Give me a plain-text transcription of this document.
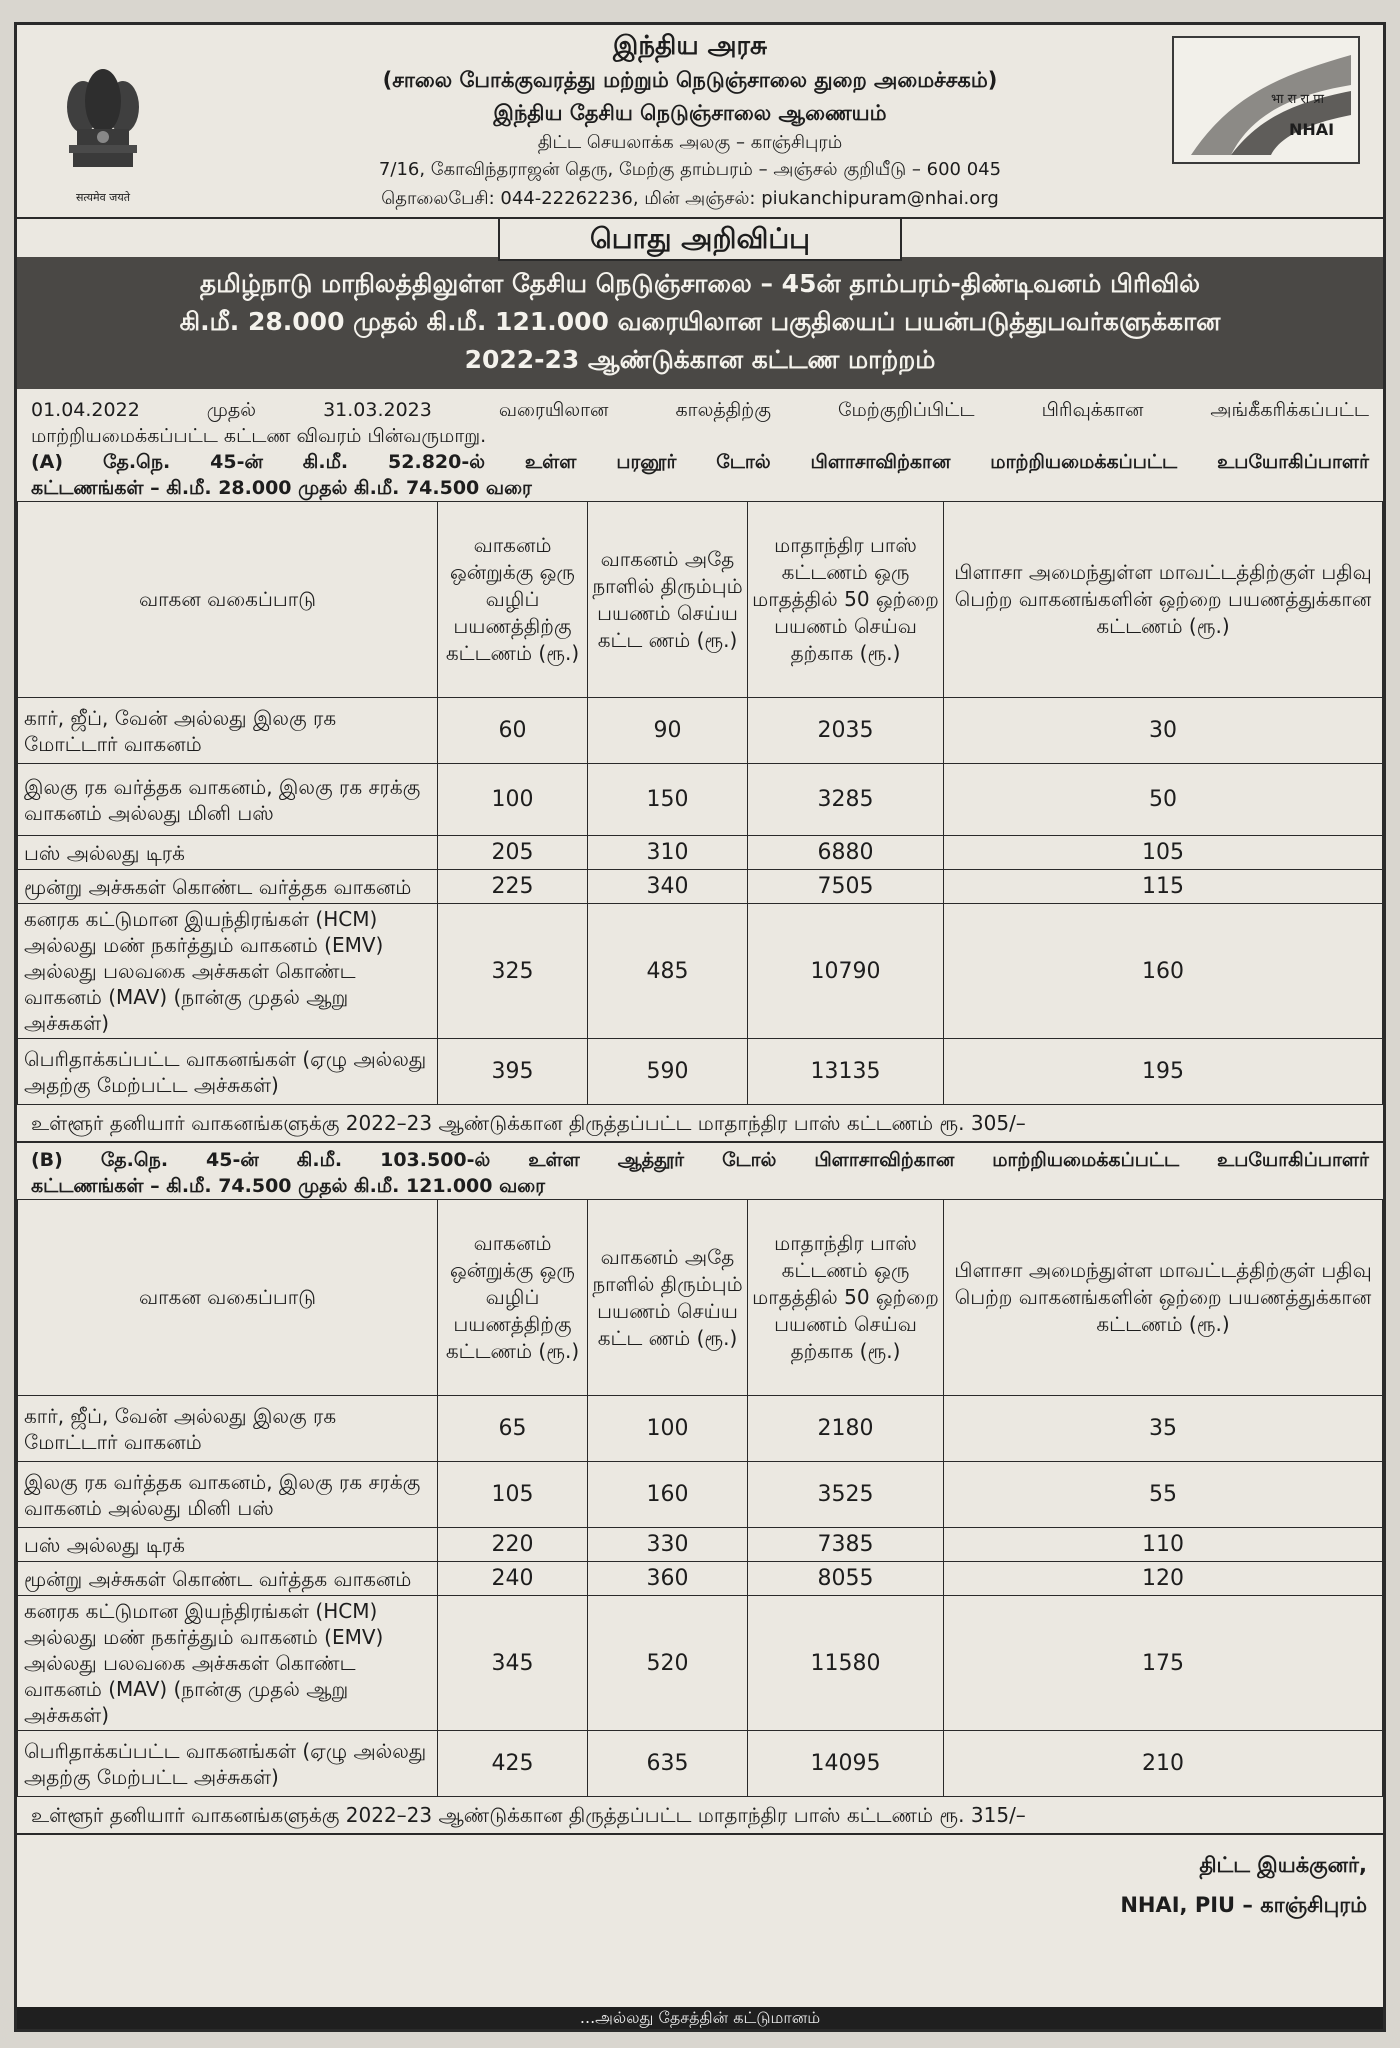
सत्यमेव जयते
இந்திய அரசு
(சாலை போக்குவரத்து மற்றும் நெடுஞ்சாலை துறை அமைச்சகம்)
இந்திய தேசிய நெடுஞ்சாலை ஆணையம்
திட்ட செயலாக்க அலகு – காஞ்சிபுரம்
7/16, கோவிந்தராஜன் தெரு, மேற்கு தாம்பரம் – அஞ்சல் குறியீடு – 600 045
தொலைபேசி: 044-22262236, மின் அஞ்சல்: piukanchipuram@nhai.org
भा रा रा प्रा
NHAI
பொது அறிவிப்பு
தமிழ்நாடு மாநிலத்திலுள்ள தேசிய நெடுஞ்சாலை – 45ன் தாம்பரம்-திண்டிவனம் பிரிவில்
கி.மீ. 28.000 முதல் கி.மீ. 121.000 வரையிலான பகுதியைப் பயன்படுத்துபவர்களுக்கான
2022-23 ஆண்டுக்கான கட்டண மாற்றம்
01.04.2022 முதல் 31.03.2023 வரையிலான காலத்திற்கு மேற்குறிப்பிட்ட பிரிவுக்கான அங்கீகரிக்கப்பட்ட
மாற்றியமைக்கப்பட்ட கட்டண விவரம் பின்வருமாறு.
(A) தே.நெ. 45-ன் கி.மீ. 52.820-ல் உள்ள பரனூர் டோல் பிளாசாவிற்கான மாற்றியமைக்கப்பட்ட உபயோகிப்பாளர்
கட்டணங்கள் – கி.மீ. 28.000 முதல் கி.மீ. 74.500 வரை
வாகன வகைப்பாடு	வாகனம் ஒன்றுக்கு ஒரு வழிப் பயணத்திற்கு கட்டணம் (ரூ.)	வாகனம் அதே நாளில் திரும்பும் பயணம் செய்ய கட்ட ணம் (ரூ.)	மாதாந்திர பாஸ் கட்டணம் ஒரு மாதத்தில் 50 ஒற்றை பயணம் செய்வ தற்காக (ரூ.)	பிளாசா அமைந்துள்ள மாவட்டத்திற்குள் பதிவு பெற்ற வாகனங்களின் ஒற்றை பயணத்துக்கான கட்டணம் (ரூ.)
கார், ஜீப், வேன் அல்லது இலகு ரக மோட்டார் வாகனம்	60	90	2035	30
இலகு ரக வர்த்தக வாகனம், இலகு ரக சரக்கு வாகனம் அல்லது மினி பஸ்	100	150	3285	50
பஸ் அல்லது டிரக்	205	310	6880	105
மூன்று அச்சுகள் கொண்ட வர்த்தக வாகனம்	225	340	7505	115
கனரக கட்டுமான இயந்திரங்கள் (HCM) அல்லது மண் நகர்த்தும் வாகனம் (EMV) அல்லது பலவகை அச்சுகள் கொண்ட வாகனம் (MAV) (நான்கு முதல் ஆறு அச்சுகள்)	325	485	10790	160
பெரிதாக்கப்பட்ட வாகனங்கள் (ஏழு அல்லது அதற்கு மேற்பட்ட அச்சுகள்)	395	590	13135	195
உள்ளூர் தனியார் வாகனங்களுக்கு 2022–23 ஆண்டுக்கான திருத்தப்பட்ட மாதாந்திர பாஸ் கட்டணம் ரூ. 305/–
(B) தே.நெ. 45-ன் கி.மீ. 103.500-ல் உள்ள ஆத்தூர் டோல் பிளாசாவிற்கான மாற்றியமைக்கப்பட்ட உபயோகிப்பாளர்
கட்டணங்கள் – கி.மீ. 74.500 முதல் கி.மீ. 121.000 வரை
வாகன வகைப்பாடு	வாகனம் ஒன்றுக்கு ஒரு வழிப் பயணத்திற்கு கட்டணம் (ரூ.)	வாகனம் அதே நாளில் திரும்பும் பயணம் செய்ய கட்ட ணம் (ரூ.)	மாதாந்திர பாஸ் கட்டணம் ஒரு மாதத்தில் 50 ஒற்றை பயணம் செய்வ தற்காக (ரூ.)	பிளாசா அமைந்துள்ள மாவட்டத்திற்குள் பதிவு பெற்ற வாகனங்களின் ஒற்றை பயணத்துக்கான கட்டணம் (ரூ.)
கார், ஜீப், வேன் அல்லது இலகு ரக மோட்டார் வாகனம்	65	100	2180	35
இலகு ரக வர்த்தக வாகனம், இலகு ரக சரக்கு வாகனம் அல்லது மினி பஸ்	105	160	3525	55
பஸ் அல்லது டிரக்	220	330	7385	110
மூன்று அச்சுகள் கொண்ட வர்த்தக வாகனம்	240	360	8055	120
கனரக கட்டுமான இயந்திரங்கள் (HCM) அல்லது மண் நகர்த்தும் வாகனம் (EMV) அல்லது பலவகை அச்சுகள் கொண்ட வாகனம் (MAV) (நான்கு முதல் ஆறு அச்சுகள்)	345	520	11580	175
பெரிதாக்கப்பட்ட வாகனங்கள் (ஏழு அல்லது அதற்கு மேற்பட்ட அச்சுகள்)	425	635	14095	210
உள்ளூர் தனியார் வாகனங்களுக்கு 2022–23 ஆண்டுக்கான திருத்தப்பட்ட மாதாந்திர பாஸ் கட்டணம் ரூ. 315/–
திட்ட இயக்குனர்,
NHAI, PIU – காஞ்சிபுரம்
...அல்லது தேசத்தின் கட்டுமானம்
